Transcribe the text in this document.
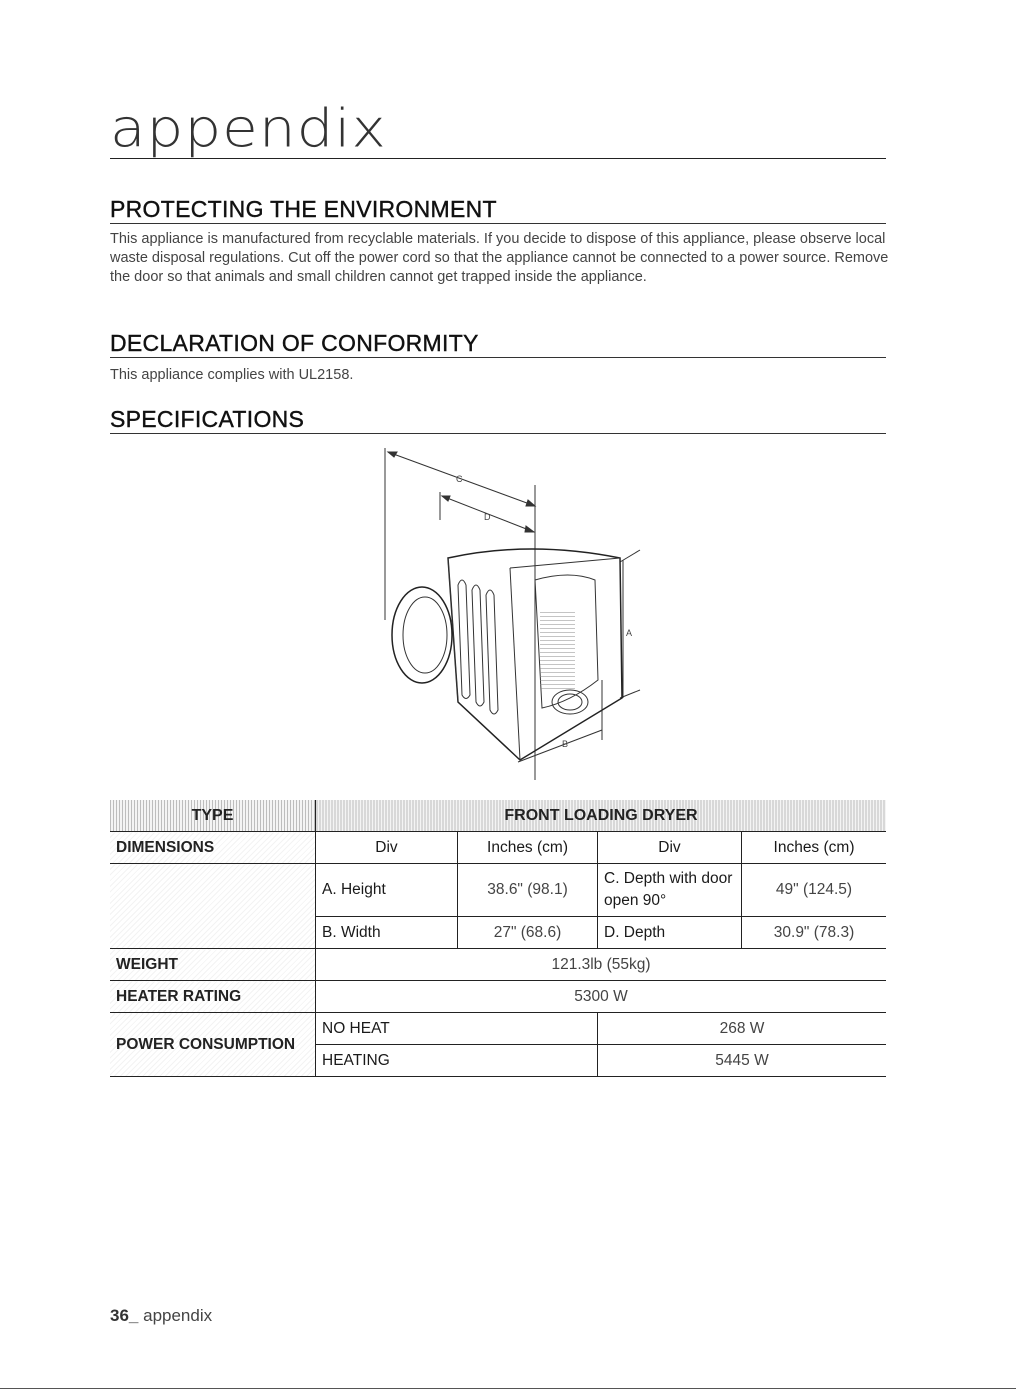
appendix
PROTECTING THE ENVIRONMENT
This appliance is manufactured from recyclable materials. If you decide to dispose of this appliance, please observe local waste disposal regulations. Cut off the power cord so that the appliance cannot be connected to a power source. Remove the door so that animals and small children cannot get trapped inside the appliance.
DECLARATION OF CONFORMITY
This appliance complies with UL2158.
SPECIFICATIONS
C
D
A
B
TYPE	FRONT LOADING DRYER			
DIMENSIONS	Div	Inches (cm)	Div	Inches (cm)
	A. Height	38.6" (98.1)	C. Depth with door open 90°	49" (124.5)
	B. Width	27" (68.6)	D. Depth	30.9" (78.3)
WEIGHT	121.3lb (55kg)			
HEATER RATING	5300 W			
POWER CONSUMPTION	NO HEAT		268 W	
	HEATING		5445 W	
36_ appendix
